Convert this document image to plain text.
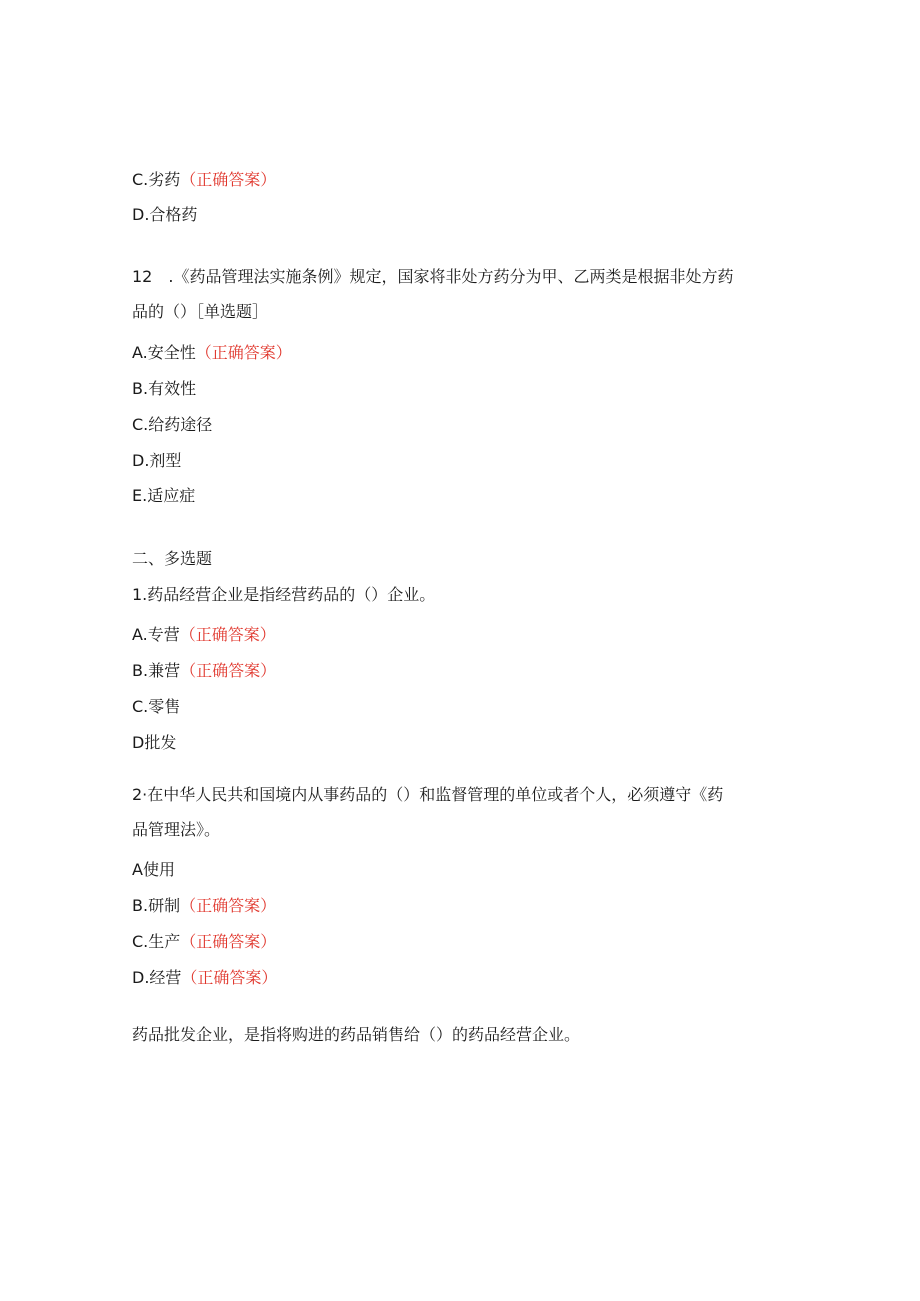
C.劣药（正确答案）
D.合格药
12　.《药品管理法实施条例》规定，国家将非处方药分为甲、乙两类是根据非处方药
品的（）［单选题］
A.安全性（正确答案）
B.有效性
C.给药途径
D.剂型
E.适应症
二、多选题
1.药品经营企业是指经营药品的（）企业。
A.专营（正确答案）
B.兼营（正确答案）
C.零售
D批发
2·在中华人民共和国境内从事药品的（）和监督管理的单位或者个人，必须遵守《药
品管理法》。
A使用
B.研制（正确答案）
C.生产（正确答案）
D.经营（正确答案）
药品批发企业，是指将购进的药品销售给（）的药品经营企业。
